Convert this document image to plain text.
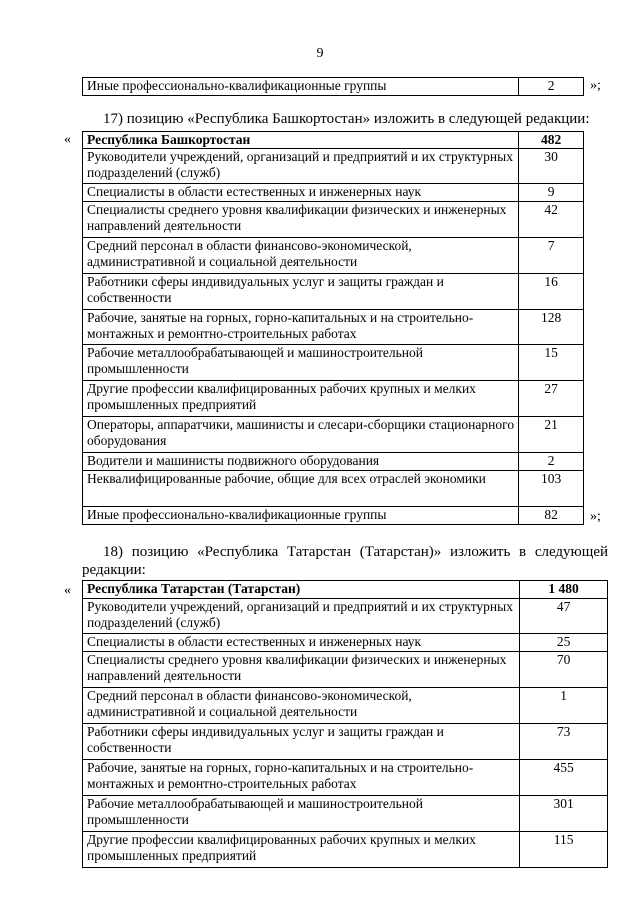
9
Иные профессионально-квалификационные группы	2	»;
17) позицию «Республика Башкортостан» изложить в следующей редакции:
« Республика Башкортостан	482
Руководители учреждений, организаций и предприятий и их структурных подразделений (служб)	30
Специалисты в области естественных и инженерных наук	9
Специалисты среднего уровня квалификации физических и инженерных направлений деятельности	42
Средний персонал в области финансово-экономической, административной и социальной деятельности	7
Работники сферы индивидуальных услуг и защиты граждан и собственности	16
Рабочие, занятые на горных, горно-капитальных и на строительно-монтажных и ремонтно-строительных работах	128
Рабочие металлообрабатывающей и машиностроительной промышленности	15
Другие профессии квалифицированных рабочих крупных и мелких промышленных предприятий	27
Операторы, аппаратчики, машинисты и слесари-сборщики стационарного оборудования	21
Водители и машинисты подвижного оборудования	2
Неквалифицированные рабочие, общие для всех отраслей экономики	103
Иные профессионально-квалификационные группы	82 »;
18) позицию «Республика Татарстан (Татарстан)» изложить в следующей
редакции:
« Республика Татарстан (Татарстан)	1 480
Руководители учреждений, организаций и предприятий и их структурных подразделений (служб)	47
Специалисты в области естественных и инженерных наук	25
Специалисты среднего уровня квалификации физических и инженерных направлений деятельности	70
Средний персонал в области финансово-экономической, административной и социальной деятельности	1
Работники сферы индивидуальных услуг и защиты граждан и собственности	73
Рабочие, занятые на горных, горно-капитальных и на строительно-монтажных и ремонтно-строительных работах	455
Рабочие металлообрабатывающей и машиностроительной промышленности	301
Другие профессии квалифицированных рабочих крупных и мелких промышленных предприятий	115
